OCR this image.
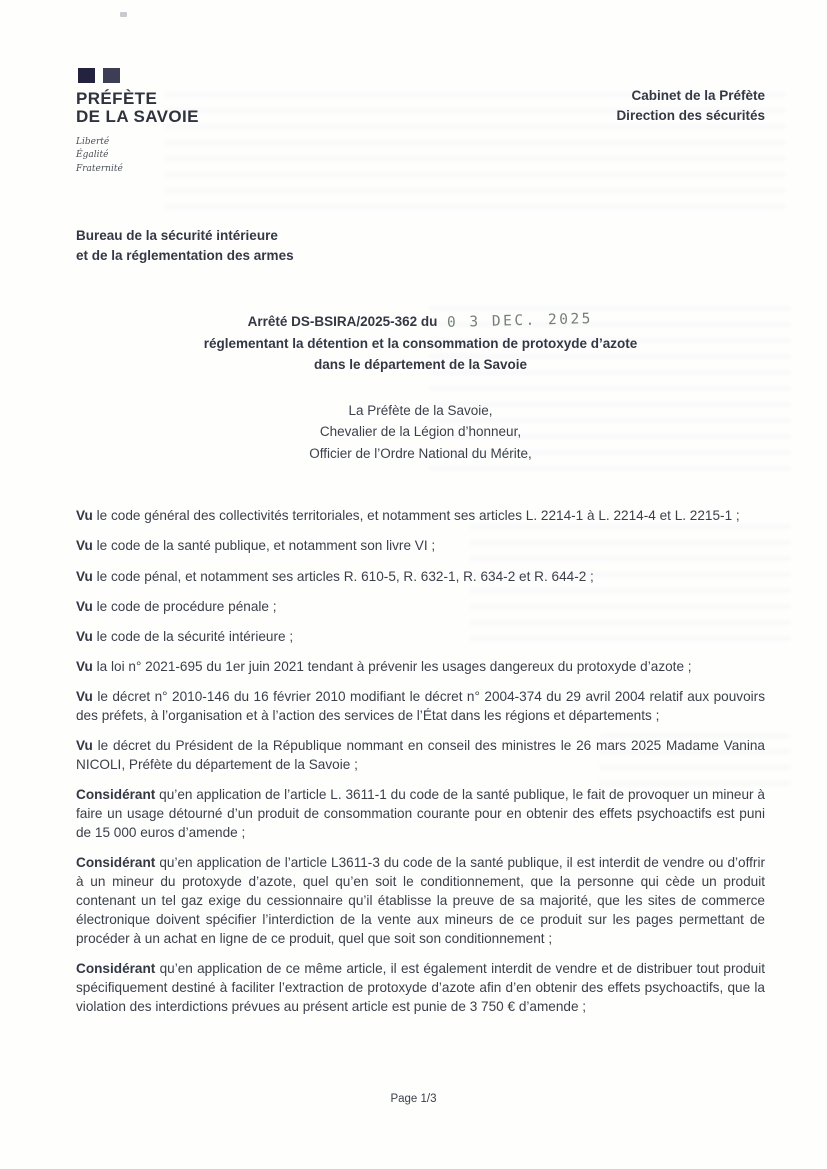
PRÉFÈTE
DE LA SAVOIE
Liberté
Égalité
Fraternité
Cabinet de la Préfète
Direction des sécurités
Bureau de la sécurité intérieure
et de la réglementation des armes
Arrêté DS-BSIRA/2025-362 du 0 3 DEC. 2025
réglementant la détention et la consommation de protoxyde d’azote
dans le département de la Savoie
La Préfète de la Savoie,
Chevalier de la Légion d’honneur,
Officier de l’Ordre National du Mérite,

Vu le code général des collectivités territoriales, et notamment ses articles L. 2214-1 à L. 2214-4 et L. 2215-1 ;

Vu le code de la santé publique, et notamment son livre VI ;

Vu le code pénal, et notamment ses articles R. 610-5, R. 632-1, R. 634-2 et R. 644-2 ;

Vu le code de procédure pénale ;

Vu le code de la sécurité intérieure ;

Vu la loi n° 2021-695 du 1er juin 2021 tendant à prévenir les usages dangereux du protoxyde d’azote ;

Vu le décret n° 2010-146 du 16 février 2010 modifiant le décret n° 2004-374 du 29 avril 2004 relatif aux pouvoirs des préfets, à l’organisation et à l’action des services de l’État dans les régions et départements ;

Vu le décret du Président de la République nommant en conseil des ministres le 26 mars 2025 Madame Vanina NICOLI, Préfète du département de la Savoie ;

Considérant qu’en application de l’article L. 3611-1 du code de la santé publique, le fait de provoquer un mineur à faire un usage détourné d’un produit de consommation courante pour en obtenir des effets psychoactifs est puni de 15 000 euros d’amende ;

Considérant qu’en application de l’article L3611-3 du code de la santé publique, il est interdit de vendre ou d’offrir à un mineur du protoxyde d’azote, quel qu’en soit le conditionnement, que la personne qui cède un produit contenant un tel gaz exige du cessionnaire qu’il établisse la preuve de sa majorité, que les sites de commerce électronique doivent spécifier l’interdiction de la vente aux mineurs de ce produit sur les pages permettant de procéder à un achat en ligne de ce produit, quel que soit son conditionnement ;

Considérant qu’en application de ce même article, il est également interdit de vendre et de distribuer tout produit spécifiquement destiné à faciliter l’extraction de protoxyde d’azote afin d’en obtenir des effets psychoactifs, que la violation des interdictions prévues au présent article est punie de 3 750 € d’amende ;

Page 1/3
